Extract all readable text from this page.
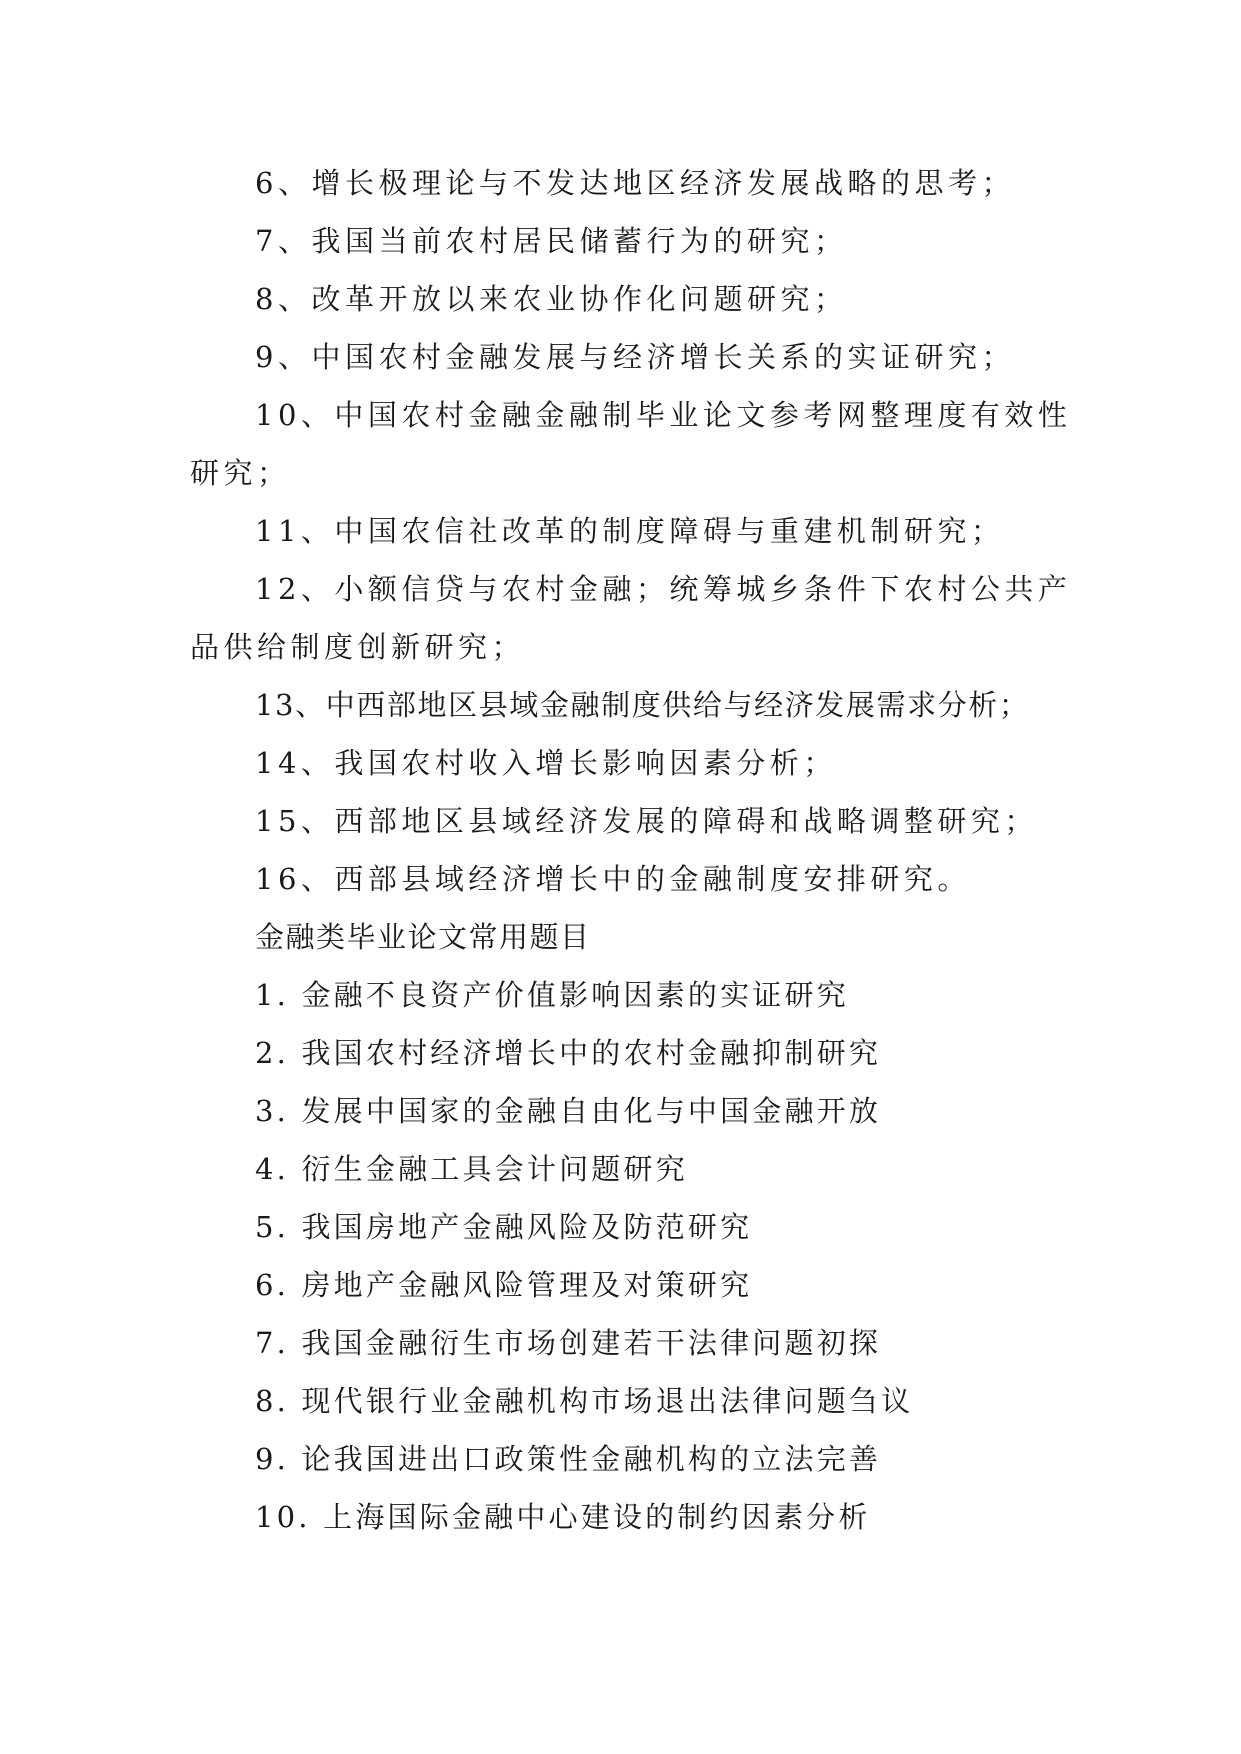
6、增长极理论与不发达地区经济发展战略的思考；
7、我国当前农村居民储蓄行为的研究；
8、改革开放以来农业协作化问题研究；
9、中国农村金融发展与经济增长关系的实证研究；
10、中国农村金融金融制毕业论文参考网整理度有效性
研究；
11、中国农信社改革的制度障碍与重建机制研究；
12、小额信贷与农村金融；统筹城乡条件下农村公共产
品供给制度创新研究；
13、中西部地区县域金融制度供给与经济发展需求分析；
14、我国农村收入增长影响因素分析；
15、西部地区县域经济发展的障碍和战略调整研究；
16、西部县域经济增长中的金融制度安排研究。
金融类毕业论文常用题目
1. 金融不良资产价值影响因素的实证研究
2. 我国农村经济增长中的农村金融抑制研究
3. 发展中国家的金融自由化与中国金融开放
4. 衍生金融工具会计问题研究
5. 我国房地产金融风险及防范研究
6. 房地产金融风险管理及对策研究
7. 我国金融衍生市场创建若干法律问题初探
8. 现代银行业金融机构市场退出法律问题刍议
9. 论我国进出口政策性金融机构的立法完善
10. 上海国际金融中心建设的制约因素分析
